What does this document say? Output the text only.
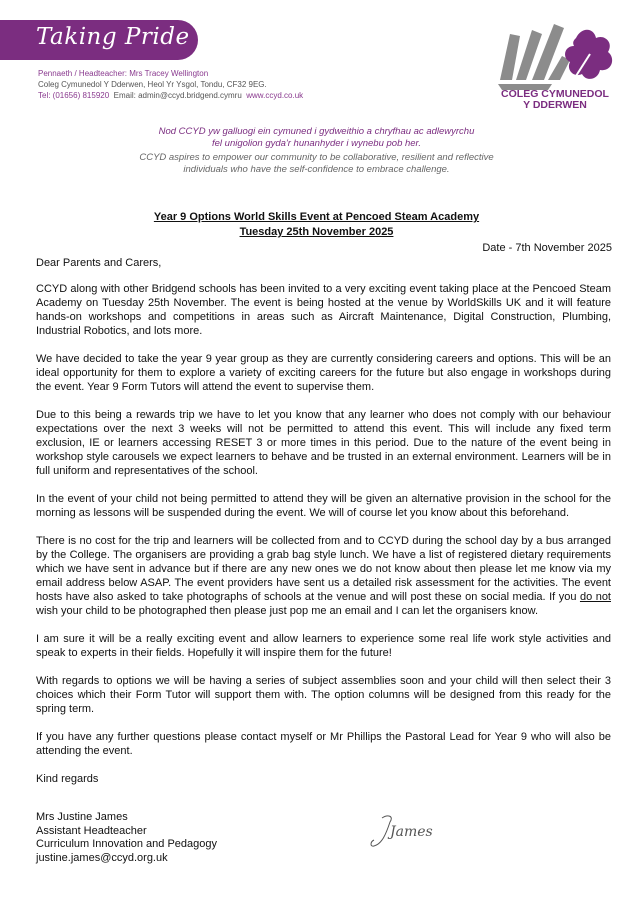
Taking Pride
Pennaeth / Headteacher: Mrs Tracey Wellington
Coleg Cymunedol Y Dderwen, Heol Yr Ysgol, Tondu, CF32 9EG.
Tel: (01656) 815920 Email: admin@ccyd.bridgend.cymru www.ccyd.co.uk	COLEG CYMUNEDOL
Y DDERWEN
Nod CCYD yw galluogi ein cymuned i gydweithio a chryfhau ac adlewyrchu
fel unigolion gyda'r hunanhyder i wynebu pob her.
CCYD aspires to empower our community to be collaborative, resilient and reflective
individuals who have the self-confidence to embrace challenge.
Year 9 Options World Skills Event at Pencoed Steam Academy
Tuesday 25th November 2025
Date - 7th November 2025

Dear Parents and Carers,

CCYD along with other Bridgend schools has been invited to a very exciting event taking place at the Pencoed Steam Academy on Tuesday 25th November. The event is being hosted at the venue by WorldSkills UK and it will feature hands-on workshops and competitions in areas such as Aircraft Maintenance, Digital Construction, Plumbing, Industrial Robotics, and lots more.

We have decided to take the year 9 year group as they are currently considering careers and options. This will be an ideal opportunity for them to explore a variety of exciting careers for the future but also engage in workshops during the event. Year 9 Form Tutors will attend the event to supervise them.

Due to this being a rewards trip we have to let you know that any learner who does not comply with our behaviour expectations over the next 3 weeks will not be permitted to attend this event. This will include any fixed term exclusion, IE or learners accessing RESET 3 or more times in this period. Due to the nature of the event being in workshop style carousels we expect learners to behave and be trusted in an external environment. Learners will be in full uniform and representatives of the school.

In the event of your child not being permitted to attend they will be given an alternative provision in the school for the morning as lessons will be suspended during the event. We will of course let you know about this beforehand.

There is no cost for the trip and learners will be collected from and to CCYD during the school day by a bus arranged by the College. The organisers are providing a grab bag style lunch. We have a list of registered dietary requirements which we have sent in advance but if there are any new ones we do not know about then please let me know via my email address below ASAP. The event providers have sent us a detailed risk assessment for the activities. The event hosts have also asked to take photographs of schools at the venue and will post these on social media. If you do not wish your child to be photographed then please just pop me an email and I can let the organisers know.

I am sure it will be a really exciting event and allow learners to experience some real life work style activities and speak to experts in their fields. Hopefully it will inspire them for the future!

With regards to options we will be having a series of subject assemblies soon and your child will then select their 3 choices which their Form Tutor will support them with. The option columns will be designed from this ready for the spring term.

If you have any further questions please contact myself or Mr Phillips the Pastoral Lead for Year 9 who will also be attending the event.

Kind regards

Mrs Justine James
Assistant Headteacher
Curriculum Innovation and Pedagogy
justine.james@ccyd.org.uk
James
